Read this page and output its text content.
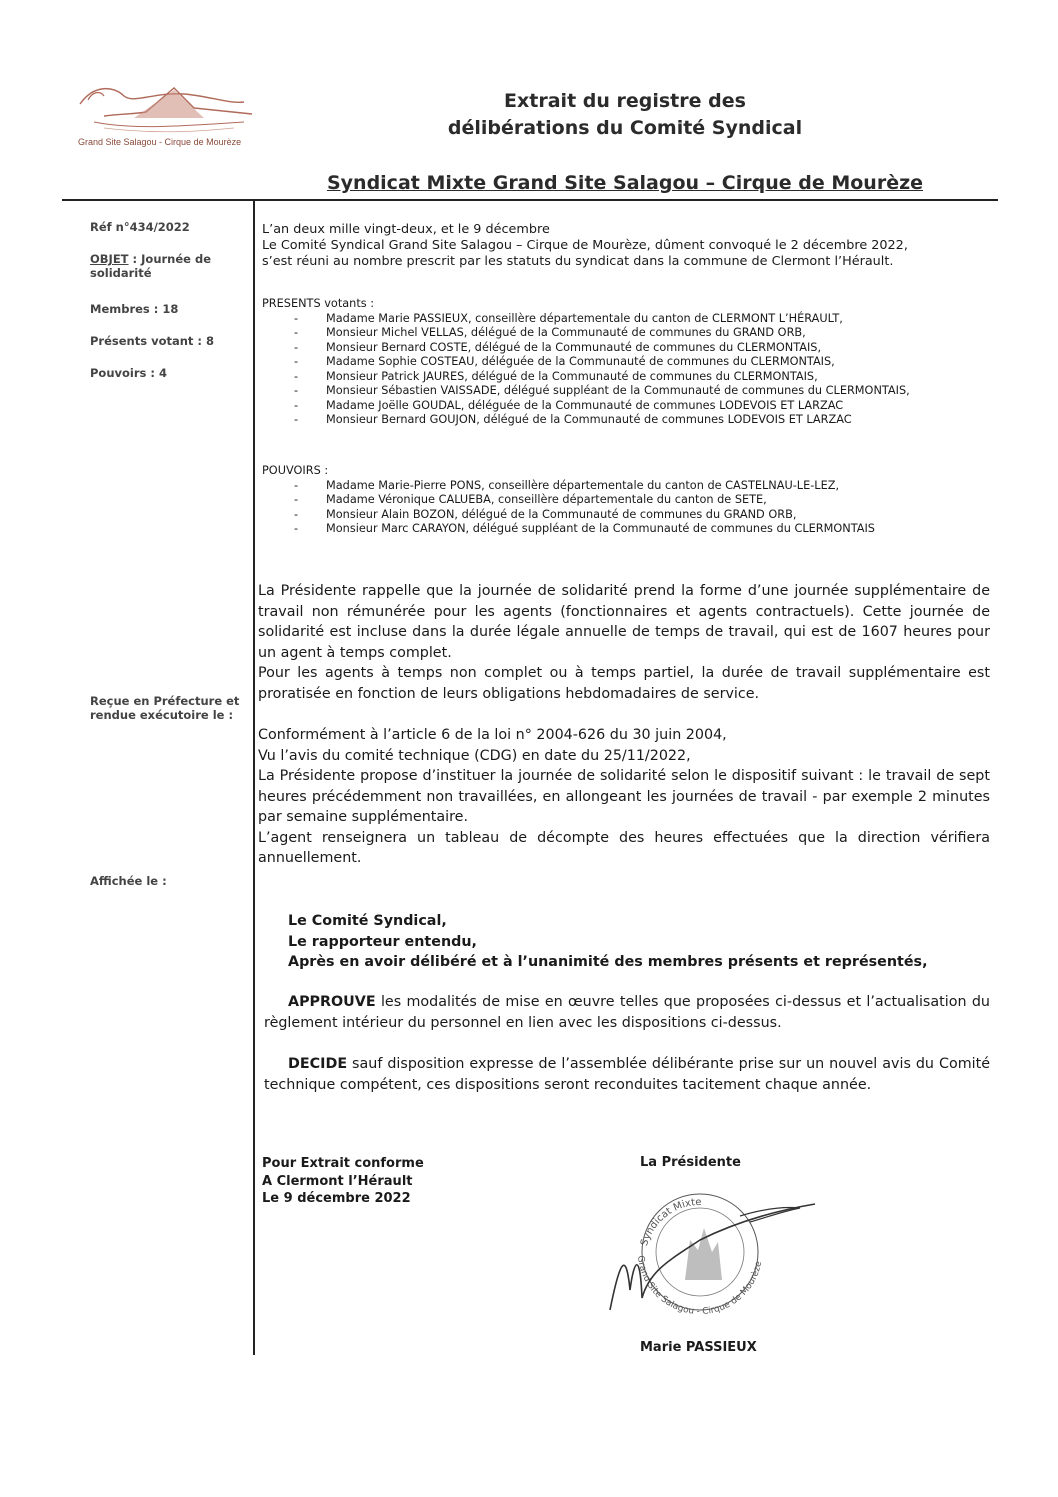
Grand Site Salagou - Cirque de Mourèze
Extrait du registre des
délibérations du Comité Syndical
Syndicat Mixte Grand Site Salagou – Cirque de Mourèze
Réf n°434/2022
OBJET : Journée de solidarité
Membres : 18
Présents votant : 8
Pouvoirs : 4
Reçue en Préfecture et rendue exécutoire le :
Affichée le :
L’an deux mille vingt-deux, et le 9 décembre
Le Comité Syndical Grand Site Salagou – Cirque de Mourèze, dûment convoqué le 2 décembre 2022,
s’est réuni au nombre prescrit par les statuts du syndicat dans la commune de Clermont l’Hérault.
PRESENTS votants :
- Madame Marie PASSIEUX, conseillère départementale du canton de CLERMONT L’HÉRAULT,
- Monsieur Michel VELLAS, délégué de la Communauté de communes du GRAND ORB,
- Monsieur Bernard COSTE, délégué de la Communauté de communes du CLERMONTAIS,
- Madame Sophie COSTEAU, déléguée de la Communauté de communes du CLERMONTAIS,
- Monsieur Patrick JAURES, délégué de la Communauté de communes du CLERMONTAIS,
- Monsieur Sébastien VAISSADE, délégué suppléant de la Communauté de communes du CLERMONTAIS,
- Madame Joëlle GOUDAL, déléguée de la Communauté de communes LODEVOIS ET LARZAC
- Monsieur Bernard GOUJON, délégué de la Communauté de communes LODEVOIS ET LARZAC
POUVOIRS :
- Madame Marie-Pierre PONS, conseillère départementale du canton de CASTELNAU-LE-LEZ,
- Madame Véronique CALUEBA, conseillère départementale du canton de SETE,
- Monsieur Alain BOZON, délégué de la Communauté de communes du GRAND ORB,
- Monsieur Marc CARAYON, délégué suppléant de la Communauté de communes du CLERMONTAIS

La Présidente rappelle que la journée de solidarité prend la forme d’une journée supplémentaire de travail non rémunérée pour les agents (fonctionnaires et agents contractuels). Cette journée de solidarité est incluse dans la durée légale annuelle de temps de travail, qui est de 1607 heures pour un agent à temps complet.

Pour les agents à temps non complet ou à temps partiel, la durée de travail supplémentaire est proratisée en fonction de leurs obligations hebdomadaires de service.

Conformément à l’article 6 de la loi n° 2004-626 du 30 juin 2004,

Vu l’avis du comité technique (CDG) en date du 25/11/2022,

La Présidente propose d’instituer la journée de solidarité selon le dispositif suivant : le travail de sept heures précédemment non travaillées, en allongeant les journées de travail - par exemple 2 minutes par semaine supplémentaire.

L’agent renseignera un tableau de décompte des heures effectuées que la direction vérifiera annuellement.

Le Comité Syndical,
Le rapporteur entendu,
Après en avoir délibéré et à l’unanimité des membres présents et représentés,

APPROUVE les modalités de mise en œuvre telles que proposées ci-dessus et l’actualisation du règlement intérieur du personnel en lien avec les dispositions ci-dessus.

DECIDE sauf disposition expresse de l’assemblée délibérante prise sur un nouvel avis du Comité technique compétent, ces dispositions seront reconduites tacitement chaque année.

Pour Extrait conforme
A Clermont l’Hérault
Le 9 décembre 2022
La Présidente
Syndicat Mixte
Grand Site Salagou - Cirque de Mourèze
Marie PASSIEUX
